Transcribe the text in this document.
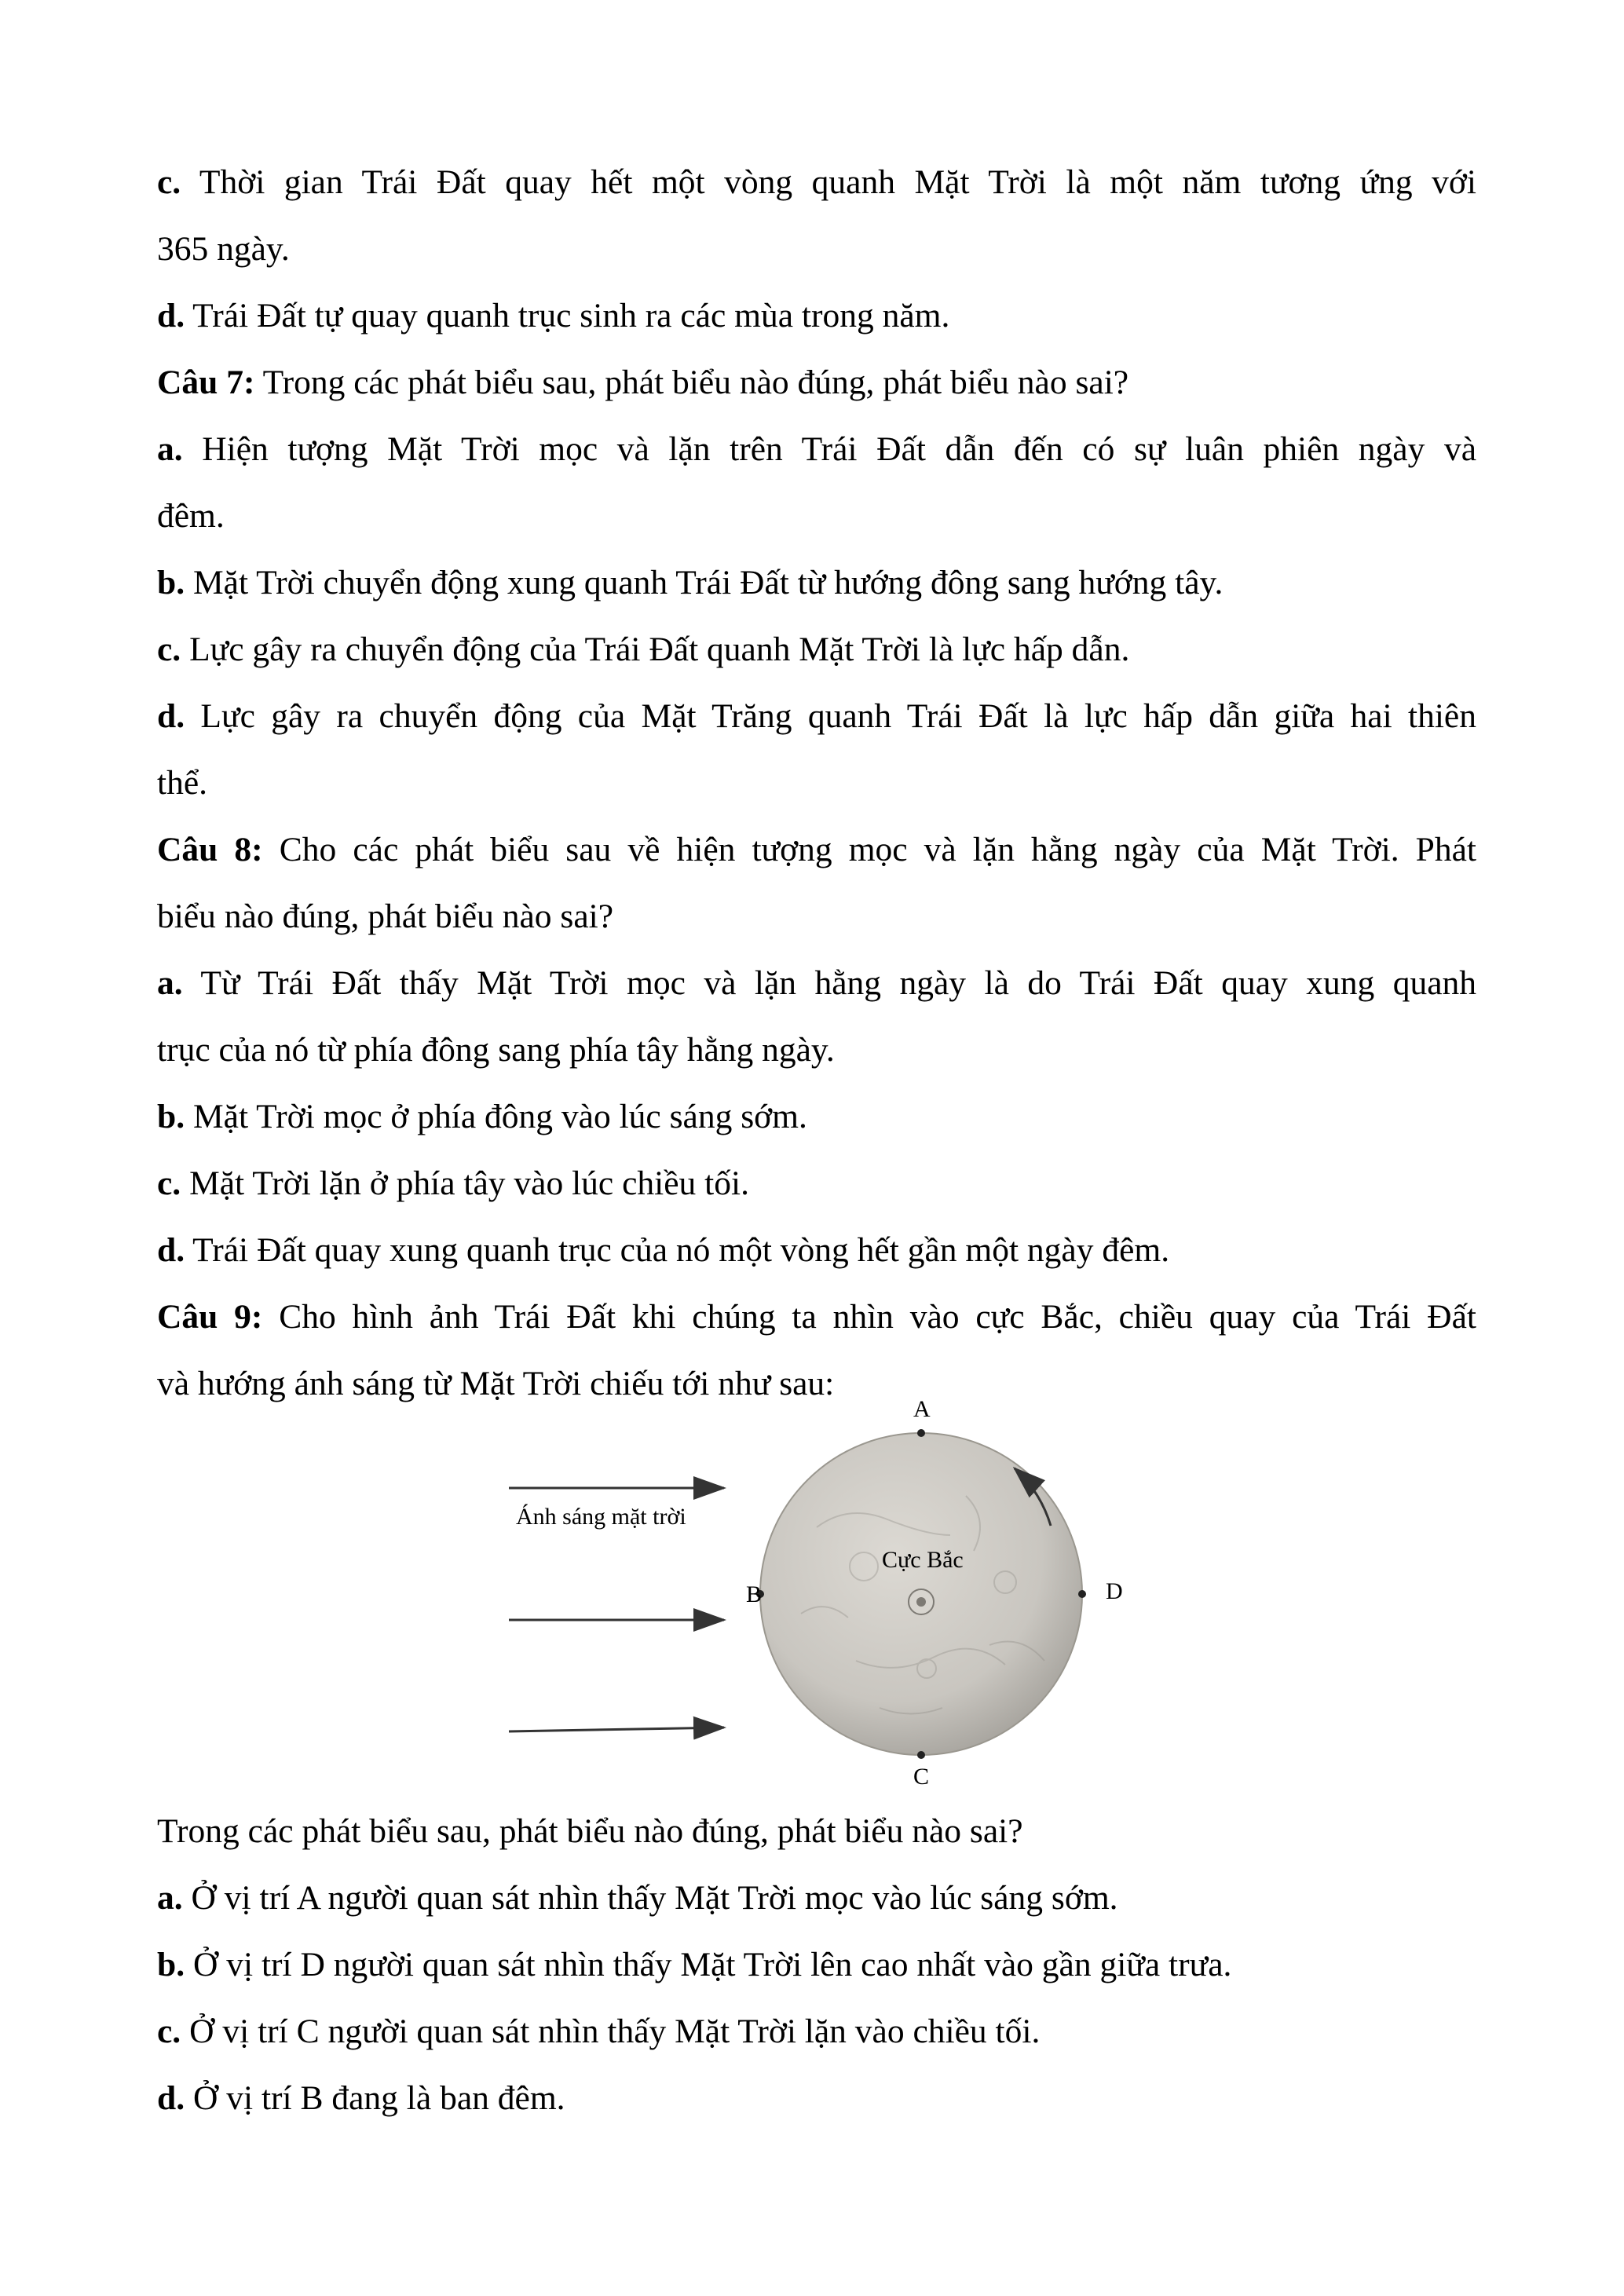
c. Thời gian Trái Đất quay hết một vòng quanh Mặt Trời là một năm tương ứng với

365 ngày.

d. Trái Đất tự quay quanh trục sinh ra các mùa trong năm.

Câu 7: Trong các phát biểu sau, phát biểu nào đúng, phát biểu nào sai?

a. Hiện tượng Mặt Trời mọc và lặn trên Trái Đất dẫn đến có sự luân phiên ngày và

đêm.

b. Mặt Trời chuyển động xung quanh Trái Đất từ hướng đông sang hướng tây.

c. Lực gây ra chuyển động của Trái Đất quanh Mặt Trời là lực hấp dẫn.

d. Lực gây ra chuyển động của Mặt Trăng quanh Trái Đất là lực hấp dẫn giữa hai thiên

thể.

Câu 8: Cho các phát biểu sau về hiện tượng mọc và lặn hằng ngày của Mặt Trời. Phát

biểu nào đúng, phát biểu nào sai?

a. Từ Trái Đất thấy Mặt Trời mọc và lặn hằng ngày là do Trái Đất quay xung quanh

trục của nó từ phía đông sang phía tây hằng ngày.

b. Mặt Trời mọc ở phía đông vào lúc sáng sớm.

c. Mặt Trời lặn ở phía tây vào lúc chiều tối.

d. Trái Đất quay xung quanh trục của nó một vòng hết gần một ngày đêm.

Câu 9: Cho hình ảnh Trái Đất khi chúng ta nhìn vào cực Bắc, chiều quay của Trái Đất

và hướng ánh sáng từ Mặt Trời chiếu tới như sau:

Ánh sáng mặt trời
Cực Bắc
A
B
C
D

Trong các phát biểu sau, phát biểu nào đúng, phát biểu nào sai?

a. Ở vị trí A người quan sát nhìn thấy Mặt Trời mọc vào lúc sáng sớm.

b. Ở vị trí D người quan sát nhìn thấy Mặt Trời lên cao nhất vào gần giữa trưa.

c. Ở vị trí C người quan sát nhìn thấy Mặt Trời lặn vào chiều tối.

d. Ở vị trí B đang là ban đêm.
